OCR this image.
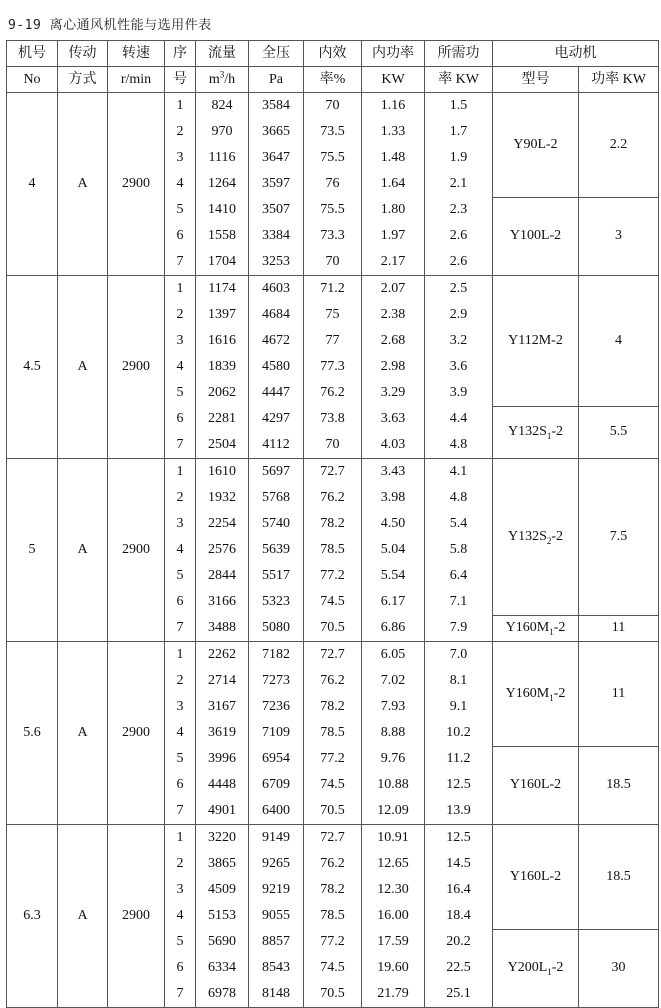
9-19 离心通风机性能与选用件表
机号	传动	转速	序	流量	全压	内效	内功率	所需功	电动机	
No	方式	r/min	号	$m^3/h$	Pa	率%	KW	率 KW	型号	功率 KW
4	A	2900	1	824	3584	70	1.16	1.5	Y90L-2	2.2
			2	970	3665	73.5	1.33	1.7		
			3	1116	3647	75.5	1.48	1.9		
			4	1264	3597	76	1.64	2.1		
			5	1410	3507	75.5	1.80	2.3	Y100L-2	3
			6	1558	3384	73.3	1.97	2.6		
			7	1704	3253	70	2.17	2.6		
4.5	A	2900	1	1174	4603	71.2	2.07	2.5	Y112M-2	4
			2	1397	4684	75	2.38	2.9		
			3	1616	4672	77	2.68	3.2		
			4	1839	4580	77.3	2.98	3.6		
			5	2062	4447	76.2	3.29	3.9		
			6	2281	4297	73.8	3.63	4.4	$Y132S_1-2$	5.5
			7	2504	4112	70	4.03	4.8		
5	A	2900	1	1610	5697	72.7	3.43	4.1	$Y132S_2-2$	7.5
			2	1932	5768	76.2	3.98	4.8		
			3	2254	5740	78.2	4.50	5.4		
			4	2576	5639	78.5	5.04	5.8		
			5	2844	5517	77.2	5.54	6.4		
			6	3166	5323	74.5	6.17	7.1		
			7	3488	5080	70.5	6.86	7.9	$Y160M_1-2$	11
5.6	A	2900	1	2262	7182	72.7	6.05	7.0	$Y160M_1-2$	11
			2	2714	7273	76.2	7.02	8.1		
			3	3167	7236	78.2	7.93	9.1		
			4	3619	7109	78.5	8.88	10.2		
			5	3996	6954	77.2	9.76	11.2	Y160L-2	18.5
			6	4448	6709	74.5	10.88	12.5		
			7	4901	6400	70.5	12.09	13.9		
6.3	A	2900	1	3220	9149	72.7	10.91	12.5	Y160L-2	18.5
			2	3865	9265	76.2	12.65	14.5		
			3	4509	9219	78.2	12.30	16.4		
			4	5153	9055	78.5	16.00	18.4		
			5	5690	8857	77.2	17.59	20.2	$Y200L_1-2$	30
			6	6334	8543	74.5	19.60	22.5		
			7	6978	8148	70.5	21.79	25.1		
